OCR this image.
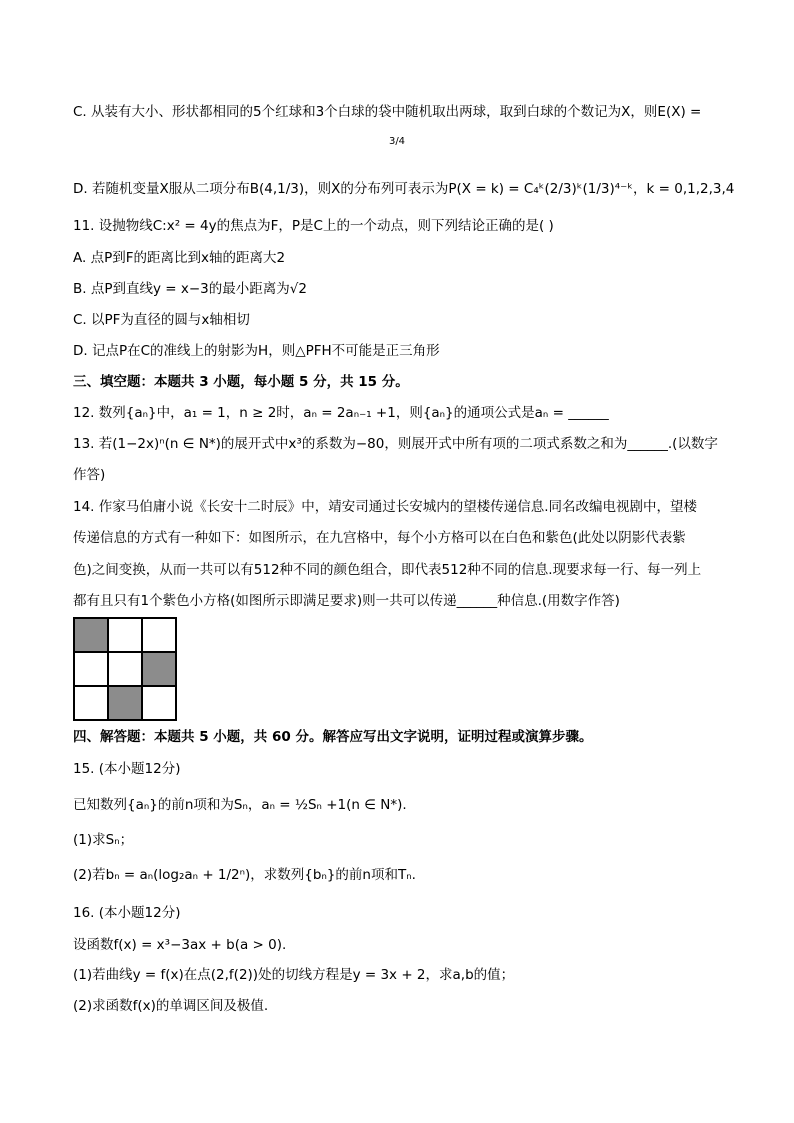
C. 从装有大小、形状都相同的5个红球和3个白球的袋中随机取出两球，取到白球的个数记为X，则E(X) =
3/4
D. 若随机变量X服从二项分布B(4,1/3)，则X的分布列可表示为P(X = k) = C₄ᵏ(2/3)ᵏ(1/3)⁴⁻ᵏ，k = 0,1,2,3,4
11. 设抛物线C:x² = 4y的焦点为F，P是C上的一个动点，则下列结论正确的是( )
A. 点P到F的距离比到x轴的距离大2
B. 点P到直线y = x−3的最小距离为√2
C. 以PF为直径的圆与x轴相切
D. 记点P在C的准线上的射影为H，则△PFH不可能是正三角形
三、填空题：本题共 3 小题，每小题 5 分，共 15 分。
12. 数列{aₙ}中，a₁ = 1，n ≥ 2时，aₙ = 2aₙ₋₁ +1，则{aₙ}的通项公式是aₙ = ______
13. 若(1−2x)ⁿ(n ∈ N*)的展开式中x³的系数为−80，则展开式中所有项的二项式系数之和为______.(以数字
作答)
14. 作家马伯庸小说《长安十二时辰》中，靖安司通过长安城内的望楼传递信息.同名改编电视剧中，望楼
传递信息的方式有一种如下：如图所示，在九宫格中，每个小方格可以在白色和紫色(此处以阴影代表紫
色)之间变换，从而一共可以有512种不同的颜色组合，即代表512种不同的信息.现要求每一行、每一列上
都有且只有1个紫色小方格(如图所示即满足要求)则一共可以传递______种信息.(用数字作答)
四、解答题：本题共 5 小题，共 60 分。解答应写出文字说明，证明过程或演算步骤。
15. (本小题12分)
已知数列{aₙ}的前n项和为Sₙ，aₙ = ½Sₙ +1(n ∈ N*).
(1)求Sₙ；
(2)若bₙ = aₙ(log₂aₙ + 1/2ⁿ)，求数列{bₙ}的前n项和Tₙ.
16. (本小题12分)
设函数f(x) = x³−3ax + b(a > 0).
(1)若曲线y = f(x)在点(2,f(2))处的切线方程是y = 3x + 2，求a,b的值；
(2)求函数f(x)的单调区间及极值.
